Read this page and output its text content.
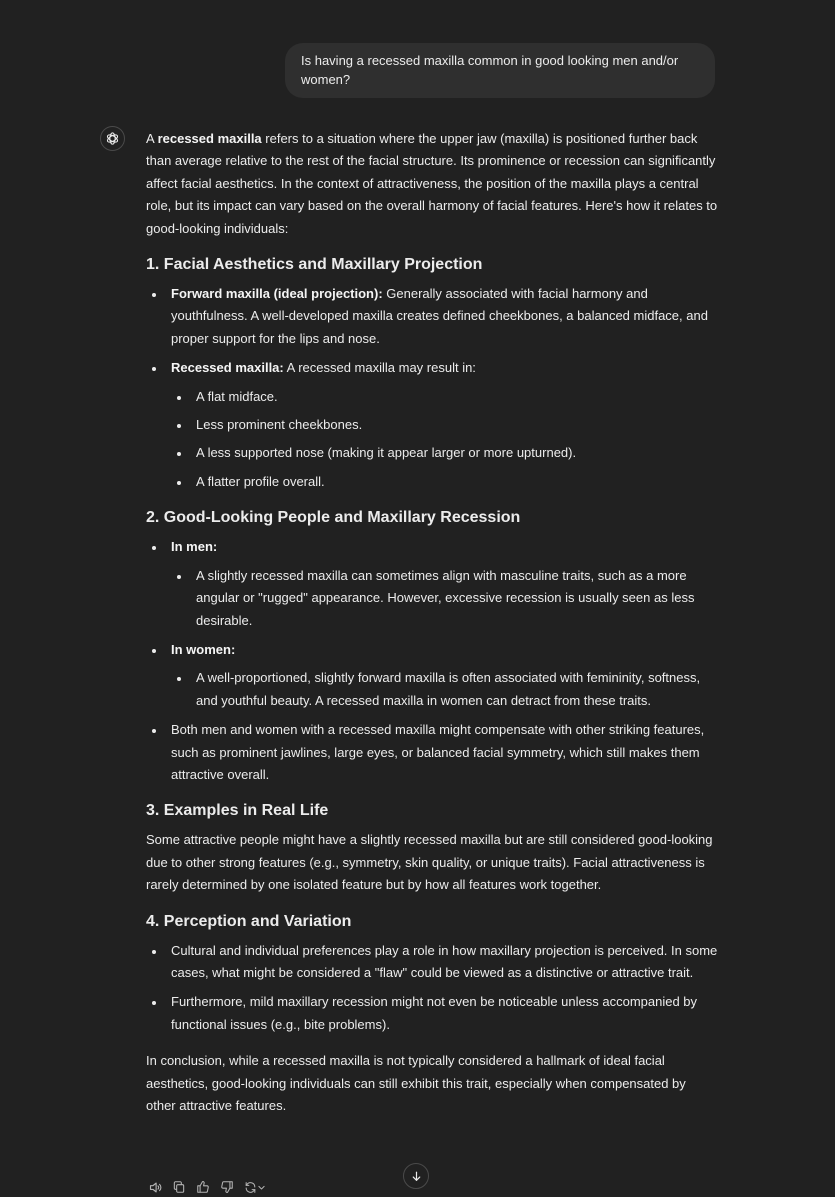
Is having a recessed maxilla common in good looking men and/or women?

A recessed maxilla refers to a situation where the upper jaw (maxilla) is positioned further back than average relative to the rest of the facial structure. Its prominence or recession can significantly affect facial aesthetics. In the context of attractiveness, the position of the maxilla plays a central role, but its impact can vary based on the overall harmony of facial features. Here's how it relates to good-looking individuals:

1. Facial Aesthetics and Maxillary Projection
Forward maxilla (ideal projection): Generally associated with facial harmony and youthfulness. A well-developed maxilla creates defined cheekbones, a balanced midface, and proper support for the lips and nose.
Recessed maxilla: A recessed maxilla may result in:
A flat midface.
Less prominent cheekbones.
A less supported nose (making it appear larger or more upturned).
A flatter profile overall.
2. Good-Looking People and Maxillary Recession
In men:
A slightly recessed maxilla can sometimes align with masculine traits, such as a more angular or "rugged" appearance. However, excessive recession is usually seen as less desirable.
In women:
A well-proportioned, slightly forward maxilla is often associated with femininity, softness, and youthful beauty. A recessed maxilla in women can detract from these traits.
Both men and women with a recessed maxilla might compensate with other striking features, such as prominent jawlines, large eyes, or balanced facial symmetry, which still makes them attractive overall.
3. Examples in Real Life

Some attractive people might have a slightly recessed maxilla but are still considered good-looking due to other strong features (e.g., symmetry, skin quality, or unique traits). Facial attractiveness is rarely determined by one isolated feature but by how all features work together.

4. Perception and Variation
Cultural and individual preferences play a role in how maxillary projection is perceived. In some cases, what might be considered a "flaw" could be viewed as a distinctive or attractive trait.
Furthermore, mild maxillary recession might not even be noticeable unless accompanied by functional issues (e.g., bite problems).

In conclusion, while a recessed maxilla is not typically considered a hallmark of ideal facial aesthetics, good-looking individuals can still exhibit this trait, especially when compensated by other attractive features.
